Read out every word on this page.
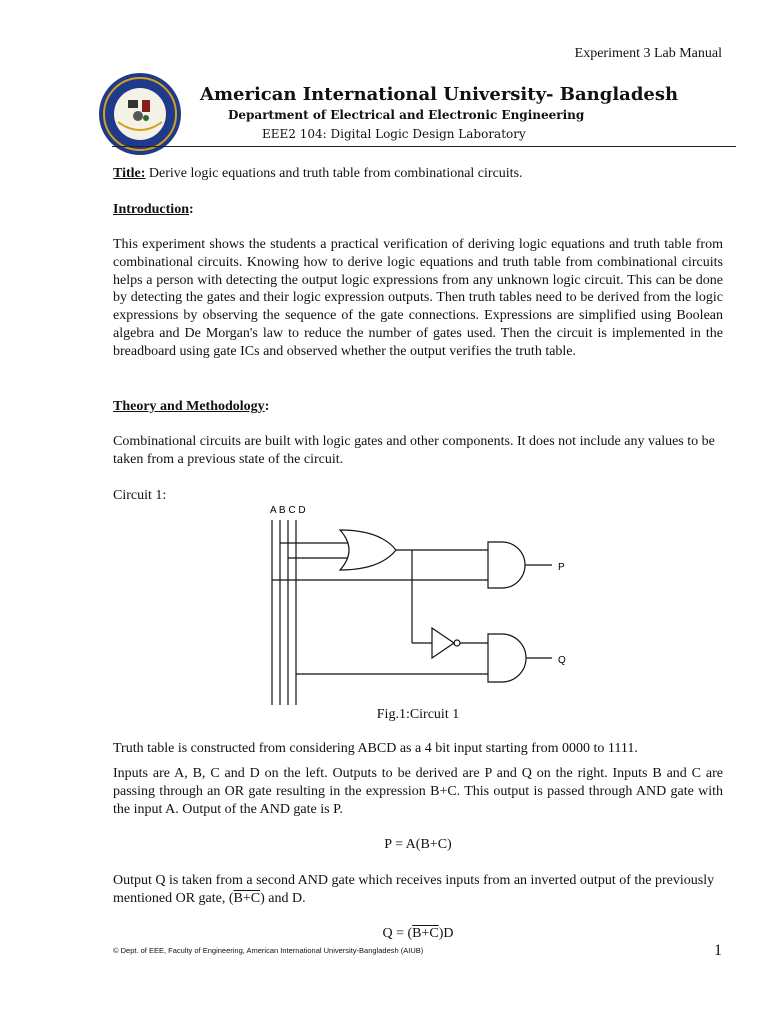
Experiment 3 Lab Manual
American International University- Bangladesh
Department of Electrical and Electronic Engineering
EEE2 104: Digital Logic Design Laboratory
Title: Derive logic equations and truth table from combinational circuits.
Introduction:
This experiment shows the students a practical verification of deriving logic equations and truth table from combinational circuits. Knowing how to derive logic equations and truth table from combinational circuits helps a person with detecting the output logic expressions from any unknown logic circuit. This can be done by detecting the gates and their logic expression outputs. Then truth tables need to be derived from the logic expressions by observing the sequence of the gate connections. Expressions are simplified using Boolean algebra and De Morgan's law to reduce the number of gates used. Then the circuit is implemented in the breadboard using gate ICs and observed whether the output verifies the truth table.
Theory and Methodology:
Combinational circuits are built with logic gates and other components. It does not include any values to be taken from a previous state of the circuit.
Circuit 1:
A B C D
P
Q
Fig.1:Circuit 1
Truth table is constructed from considering ABCD as a 4 bit input starting from 0000 to 1111.
Inputs are A, B, C and D on the left. Outputs to be derived are P and Q on the right. Inputs B and C are passing through an OR gate resulting in the expression B+C. This output is passed through AND gate with the input A. Output of the AND gate is P.
P = A(B+C)
Output Q is taken from a second AND gate which receives inputs from an inverted output of the previously mentioned OR gate, (B+C) and D.
Q = (B+C)D
© Dept. of EEE, Faculty of Engineering, American International University-Bangladesh (AIUB)	1
